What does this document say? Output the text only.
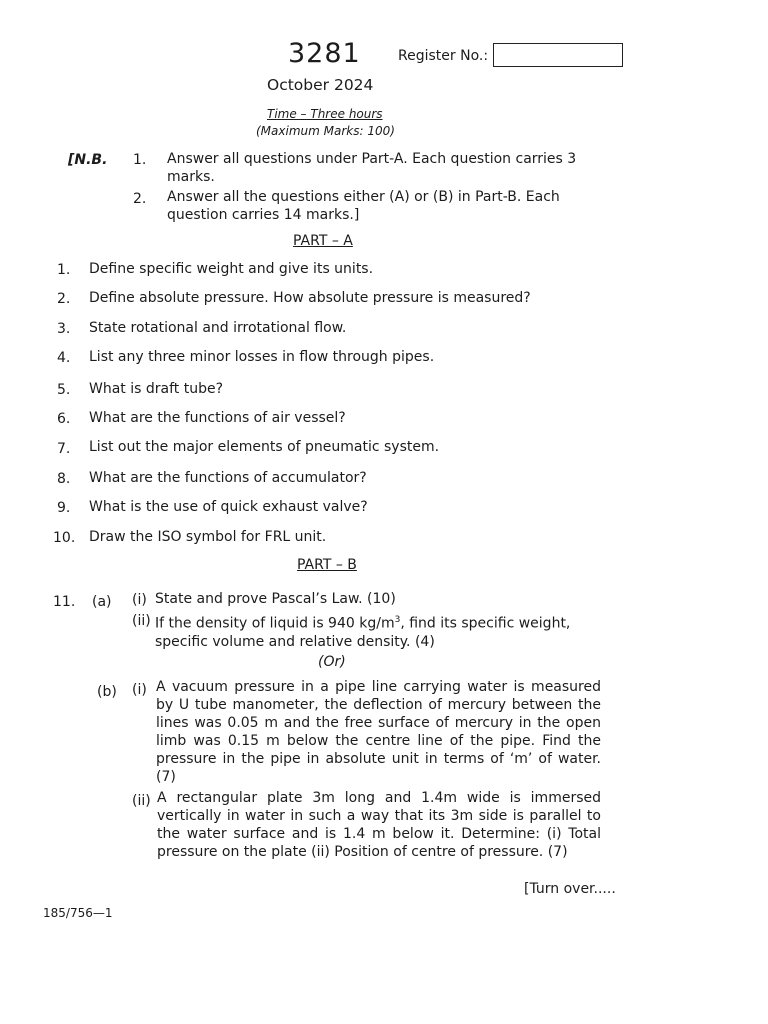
3281	Register No.:
October 2024
Time – Three hours
(Maximum Marks: 100)
[N.B. 1. Answer all questions under Part-A. Each question carries 3 marks.
2. Answer all the questions either (A) or (B) in Part-B. Each question carries 14 marks.]
PART – A
1. Define specific weight and give its units.
2. Define absolute pressure. How absolute pressure is measured?
3. State rotational and irrotational flow.
4. List any three minor losses in flow through pipes.
5. What is draft tube?
6. What are the functions of air vessel?
7. List out the major elements of pneumatic system.
8. What are the functions of accumulator?
9. What is the use of quick exhaust valve?
10. Draw the ISO symbol for FRL unit.
PART – B
11. (a) (i) State and prove Pascal’s Law. (10)
(ii) If the density of liquid is 940 $kg/m^3$, find its specific weight, specific volume and relative density. (4)
(Or)
(b) (i) A vacuum pressure in a pipe line carrying water is measured by U tube manometer, the deflection of mercury between the lines was 0.05 m and the free surface of mercury in the open limb was 0.15 m below the centre line of the pipe. Find the pressure in the pipe in absolute unit in terms of ‘m’ of water. (7)
(ii) A rectangular plate 3m long and 1.4m wide is immersed vertically in water in such a way that its 3m side is parallel to the water surface and is 1.4 m below it. Determine: (i) Total pressure on the plate (ii) Position of centre of pressure. (7)
[Turn over.....
185/756—1
